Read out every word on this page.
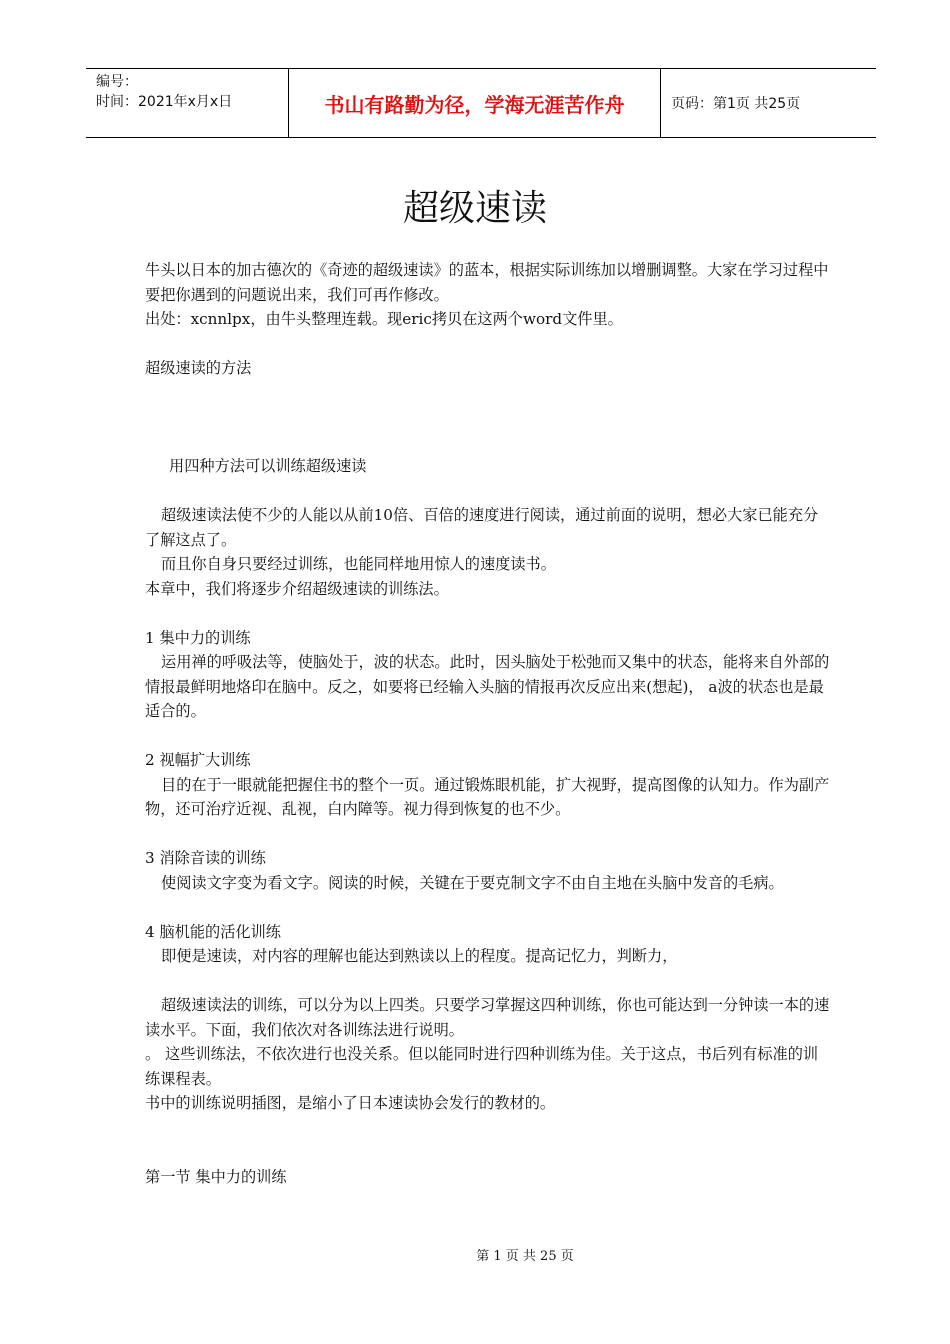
编号：
时间：2021年x月x日	书山有路勤为径，学海无涯苦作舟	页码：第1页 共25页
超级速读

牛头以日本的加古德次的《奇迹的超级速读》的蓝本，根据实际训练加以增删调整。大家在学习过程中要把你遇到的问题说出来，我们可再作修改。

出处：xcnnlpx，由牛头整理连载。现eric拷贝在这两个word文件里。

超级速读的方法

用四种方法可以训练超级速读

超级速读法使不少的人能以从前10倍、百倍的速度进行阅读，通过前面的说明，想必大家已能充分了解这点了。

而且你自身只要经过训练，也能同样地用惊人的速度读书。

本章中，我们将逐步介绍超级速读的训练法。

1 集中力的训练

运用禅的呼吸法等，使脑处于，波的状态。此时，因头脑处于松弛而又集中的状态，能将来自外部的情报最鲜明地烙印在脑中。反之，如要将已经输入头脑的情报再次反应出来(想起)， a波的状态也是最适合的。

2 视幅扩大训练

目的在于一眼就能把握住书的整个一页。通过锻炼眼机能，扩大视野，提高图像的认知力。作为副产物，还可治疗近视、乱视，白内障等。视力得到恢复的也不少。

3 消除音读的训练

使阅读文字变为看文字。阅读的时候，关键在于要克制文字不由自主地在头脑中发音的毛病。

4 脑机能的活化训练

即便是速读，对内容的理解也能达到熟读以上的程度。提高记忆力，判断力，

超级速读法的训练，可以分为以上四类。只要学习掌握这四种训练，你也可能达到一分钟读一本的速读水平。下面，我们依次对各训练法进行说明。

。 这些训练法，不依次进行也没关系。但以能同时进行四种训练为佳。关于这点，书后列有标准的训练课程表。

书中的训练说明插图，是缩小了日本速读协会发行的教材的。

第一节 集中力的训练

第 1 页 共 25 页
